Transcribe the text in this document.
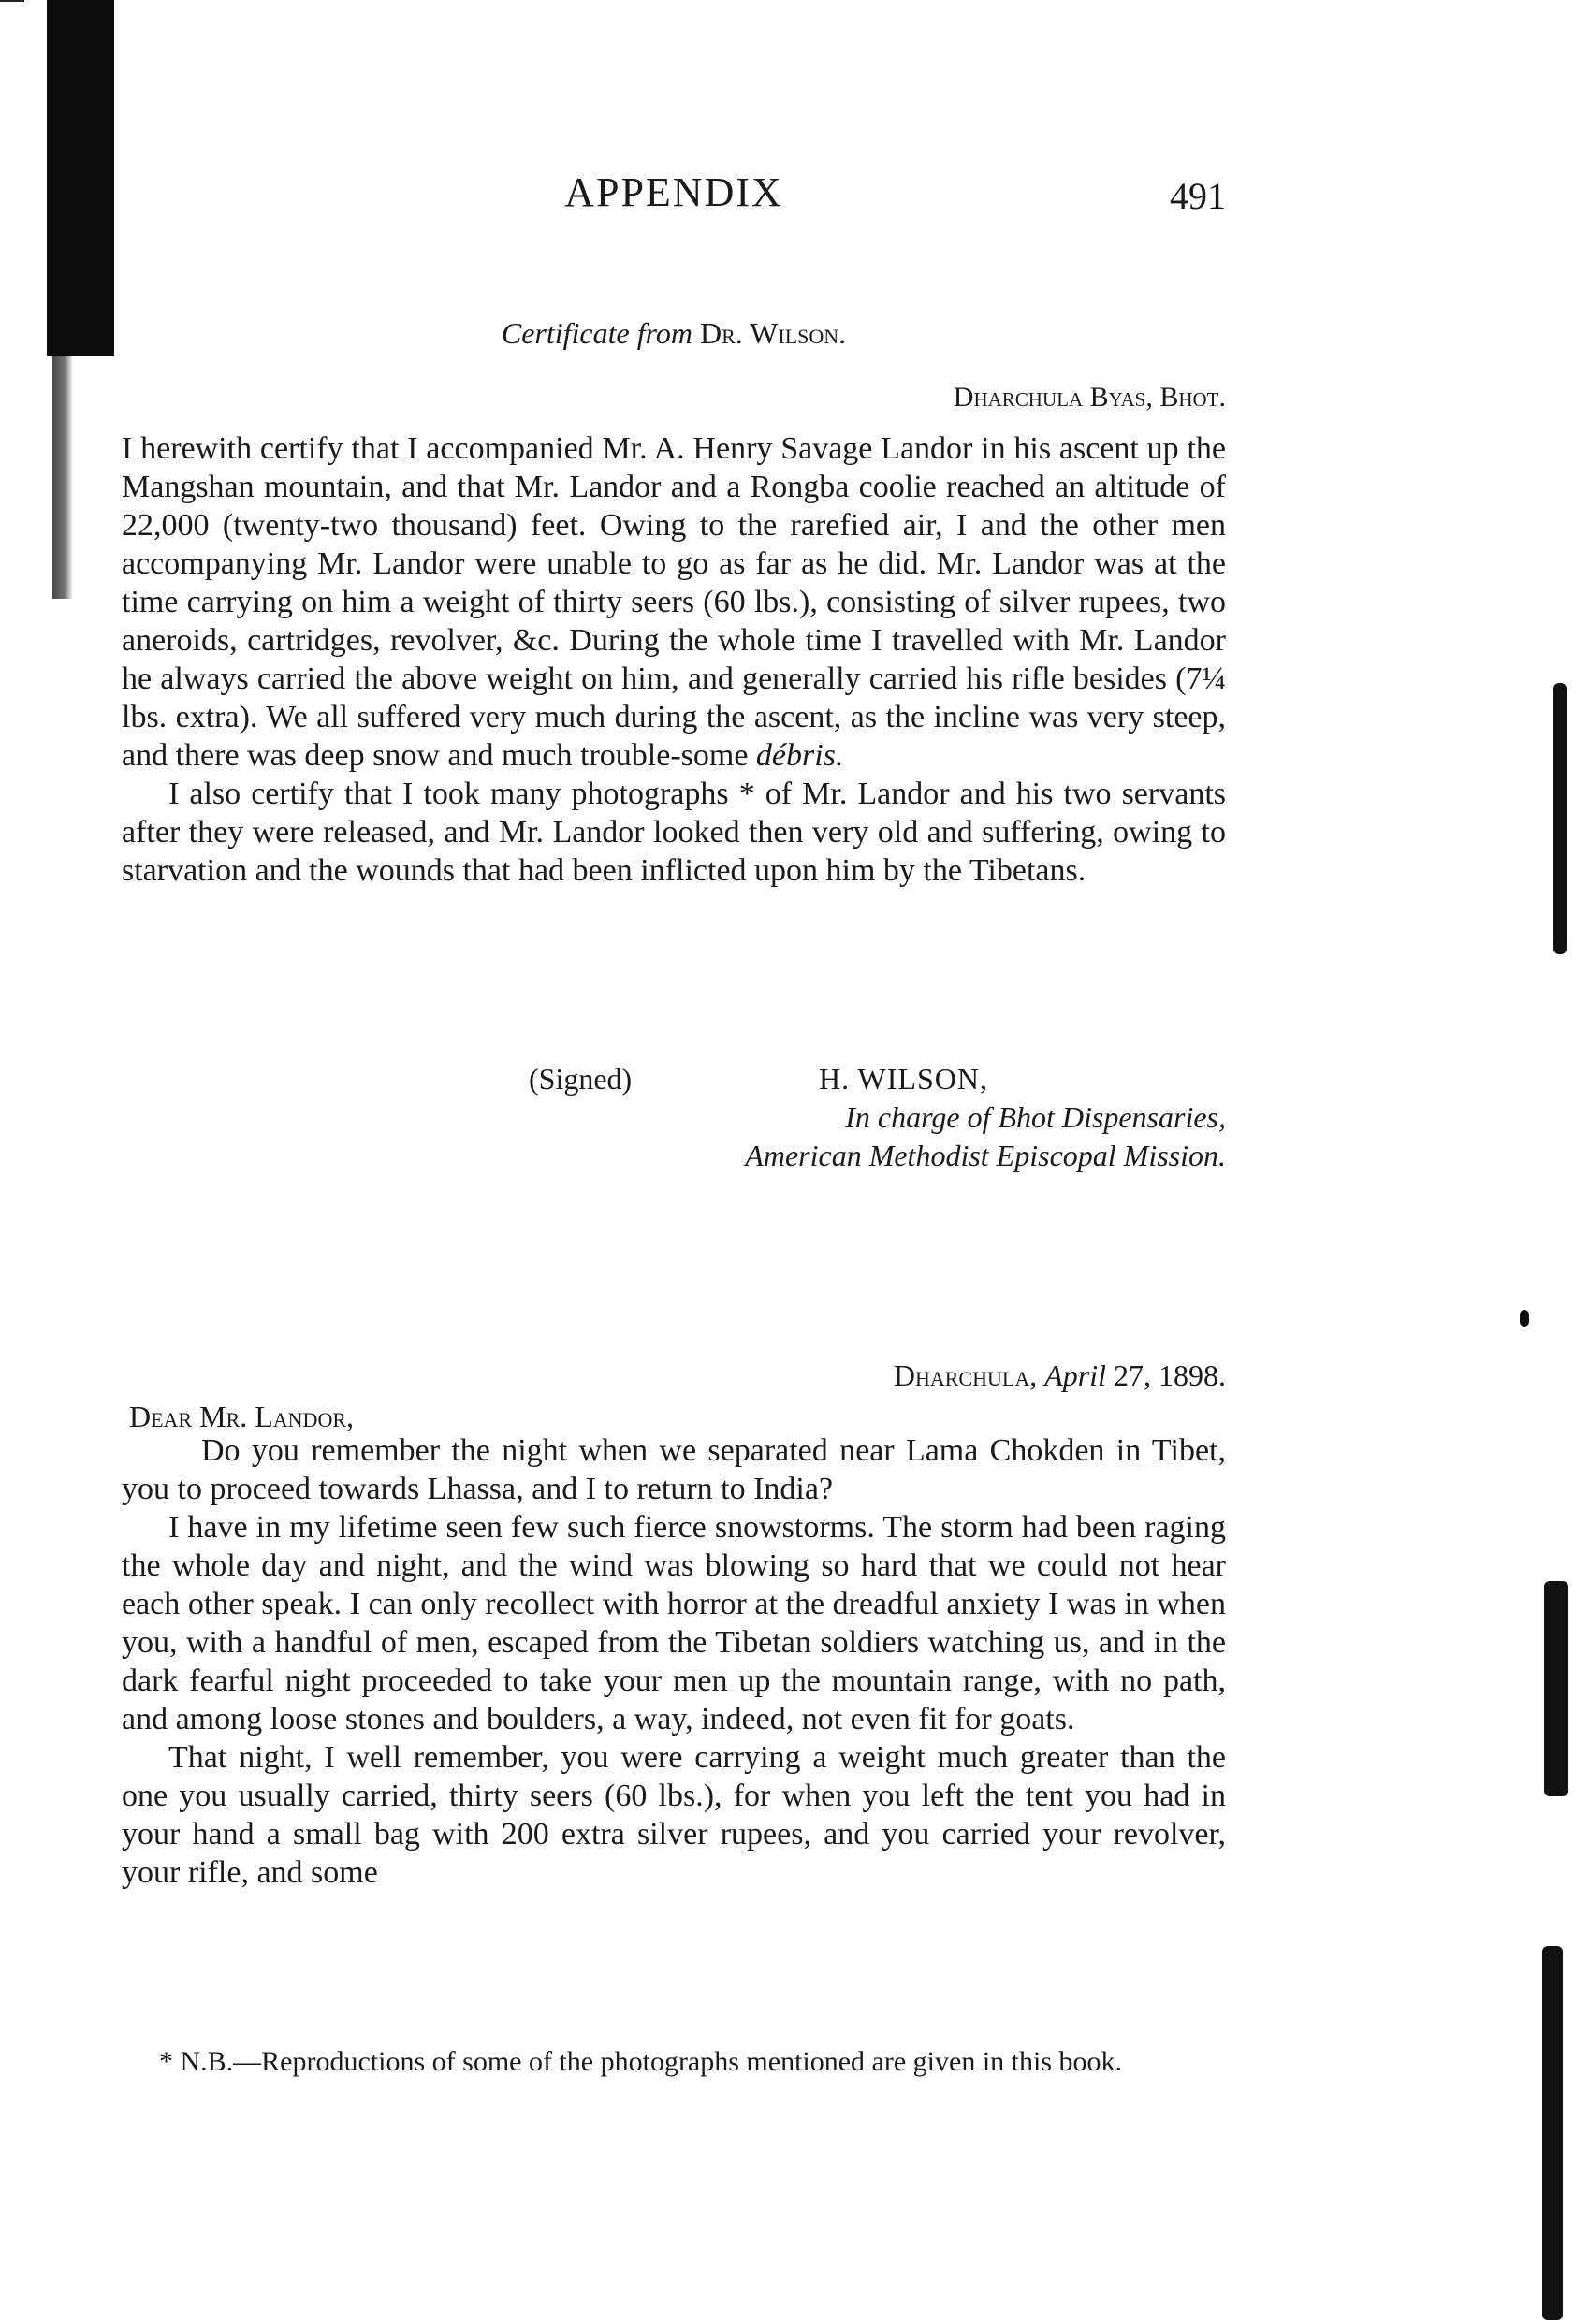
APPENDIX	491
Certificate from Dr. Wilson.
Dharchula Byas, Bhot.

I herewith certify that I accompanied Mr. A. Henry Savage Landor in his ascent up the Mangshan mountain, and that Mr. Landor and a Rongba coolie reached an altitude of 22,000 (twenty-two thousand) feet. Owing to the rarefied air, I and the other men accompanying Mr. Landor were unable to go as far as he did. Mr. Landor was at the time carrying on him a weight of thirty seers (60 lbs.), consisting of silver rupees, two aneroids, cartridges, revolver, &c. During the whole time I travelled with Mr. Landor he always carried the above weight on him, and generally carried his rifle besides (7¼ lbs. extra). We all suffered very much during the ascent, as the incline was very steep, and there was deep snow and much trouble-some débris.

I also certify that I took many photographs * of Mr. Landor and his two servants after they were released, and Mr. Landor looked then very old and suffering, owing to starvation and the wounds that had been inflicted upon him by the Tibetans.

(Signed)	H. WILSON,
In charge of Bhot Dispensaries,
American Methodist Episcopal Mission.
Dharchula, April 27, 1898.
Dear Mr. Landor,

Do you remember the night when we separated near Lama Chokden in Tibet, you to proceed towards Lhassa, and I to return to India?

I have in my lifetime seen few such fierce snowstorms. The storm had been raging the whole day and night, and the wind was blowing so hard that we could not hear each other speak. I can only recollect with horror at the dreadful anxiety I was in when you, with a handful of men, escaped from the Tibetan soldiers watching us, and in the dark fearful night proceeded to take your men up the mountain range, with no path, and among loose stones and boulders, a way, indeed, not even fit for goats.

That night, I well remember, you were carrying a weight much greater than the one you usually carried, thirty seers (60 lbs.), for when you left the tent you had in your hand a small bag with 200 extra silver rupees, and you carried your revolver, your rifle, and some

* N.B.—Reproductions of some of the photographs mentioned are given in this book.
